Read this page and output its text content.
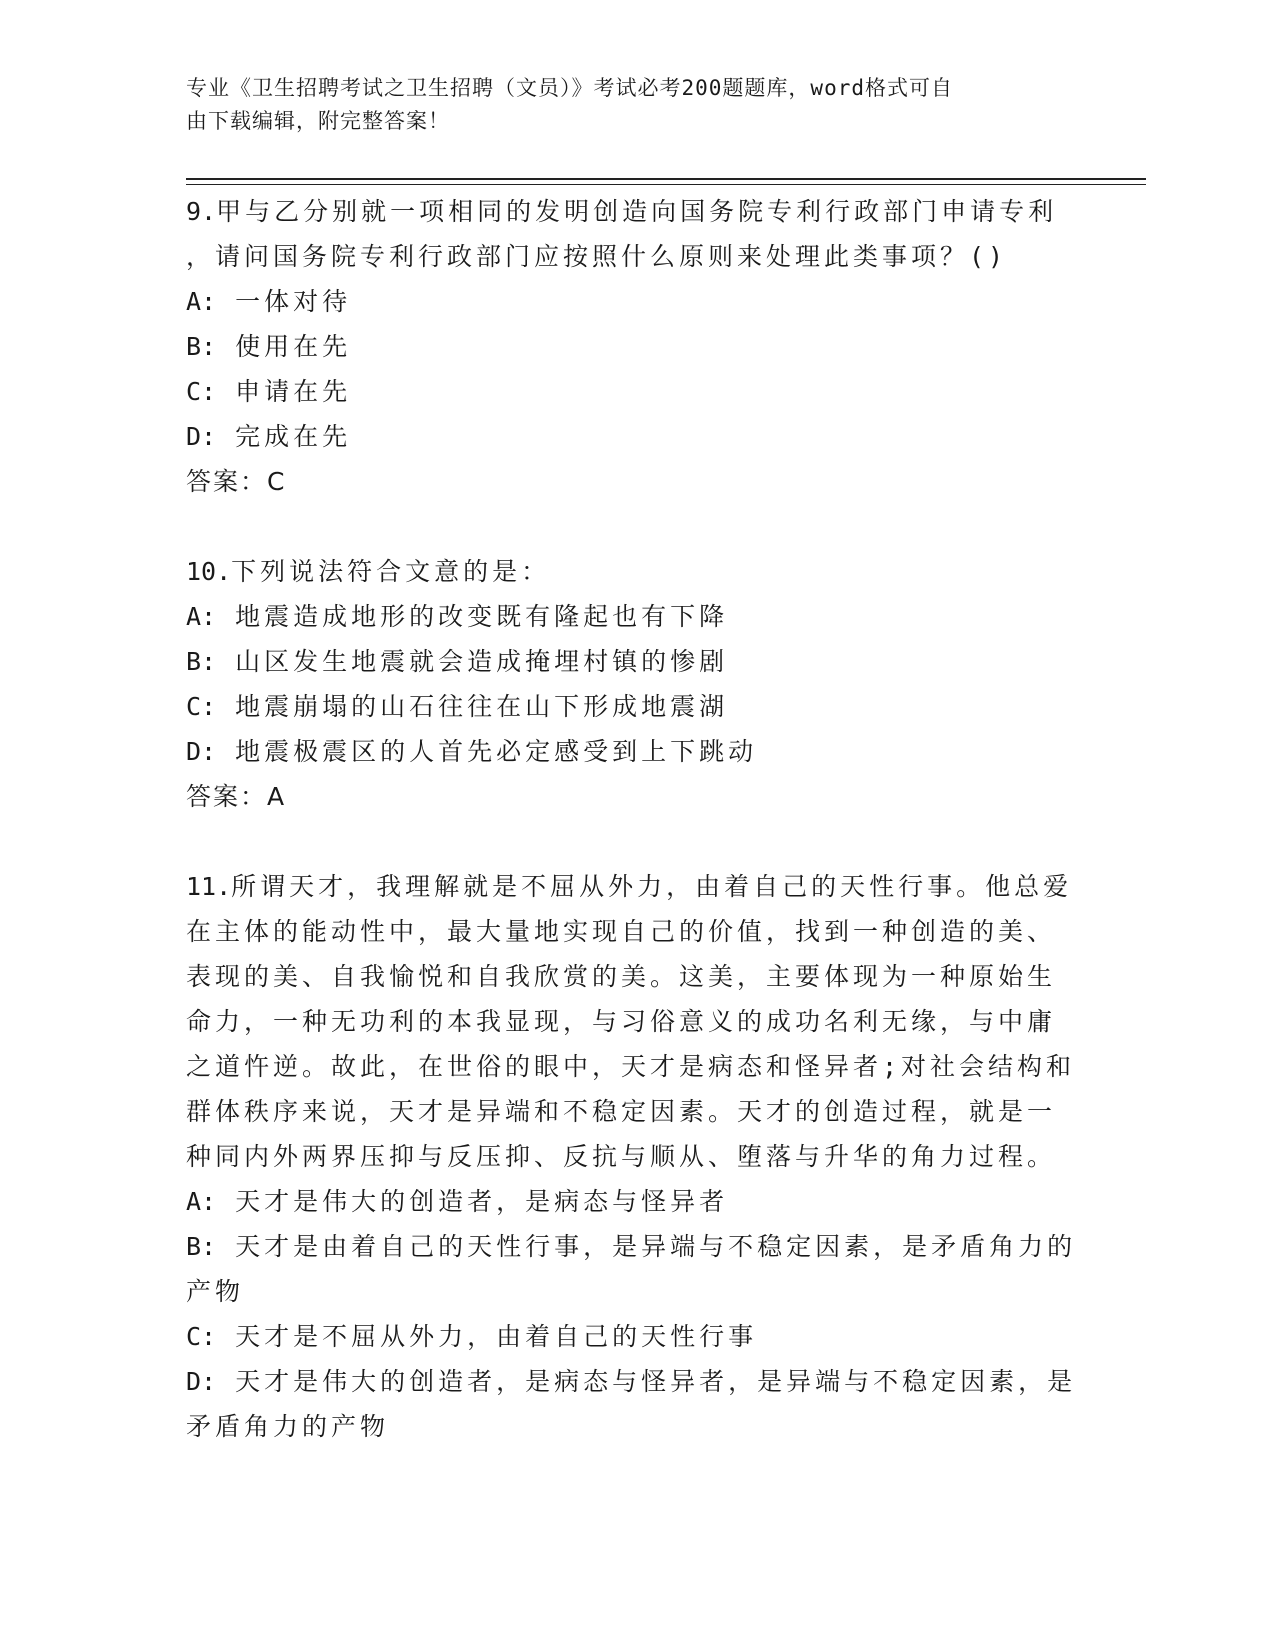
专业《卫生招聘考试之卫生招聘（文员）》考试必考200题题库，word格式可自
由下载编辑，附完整答案！
9.甲与乙分别就一项相同的发明创造向国务院专利行政部门申请专利
，请问国务院专利行政部门应按照什么原则来处理此类事项？()
A: 一体对待
B: 使用在先
C: 申请在先
D: 完成在先
答案：C
10.下列说法符合文意的是：
A: 地震造成地形的改变既有隆起也有下降
B: 山区发生地震就会造成掩埋村镇的惨剧
C: 地震崩塌的山石往往在山下形成地震湖
D: 地震极震区的人首先必定感受到上下跳动
答案：A
11.所谓天才，我理解就是不屈从外力，由着自己的天性行事。他总爱
在主体的能动性中，最大量地实现自己的价值，找到一种创造的美、
表现的美、自我愉悦和自我欣赏的美。这美，主要体现为一种原始生
命力，一种无功利的本我显现，与习俗意义的成功名利无缘，与中庸
之道忤逆。故此，在世俗的眼中，天才是病态和怪异者;对社会结构和
群体秩序来说，天才是异端和不稳定因素。天才的创造过程，就是一
种同内外两界压抑与反压抑、反抗与顺从、堕落与升华的角力过程。
A: 天才是伟大的创造者，是病态与怪异者
B: 天才是由着自己的天性行事，是异端与不稳定因素，是矛盾角力的
产物
C: 天才是不屈从外力，由着自己的天性行事
D: 天才是伟大的创造者，是病态与怪异者，是异端与不稳定因素，是
矛盾角力的产物
